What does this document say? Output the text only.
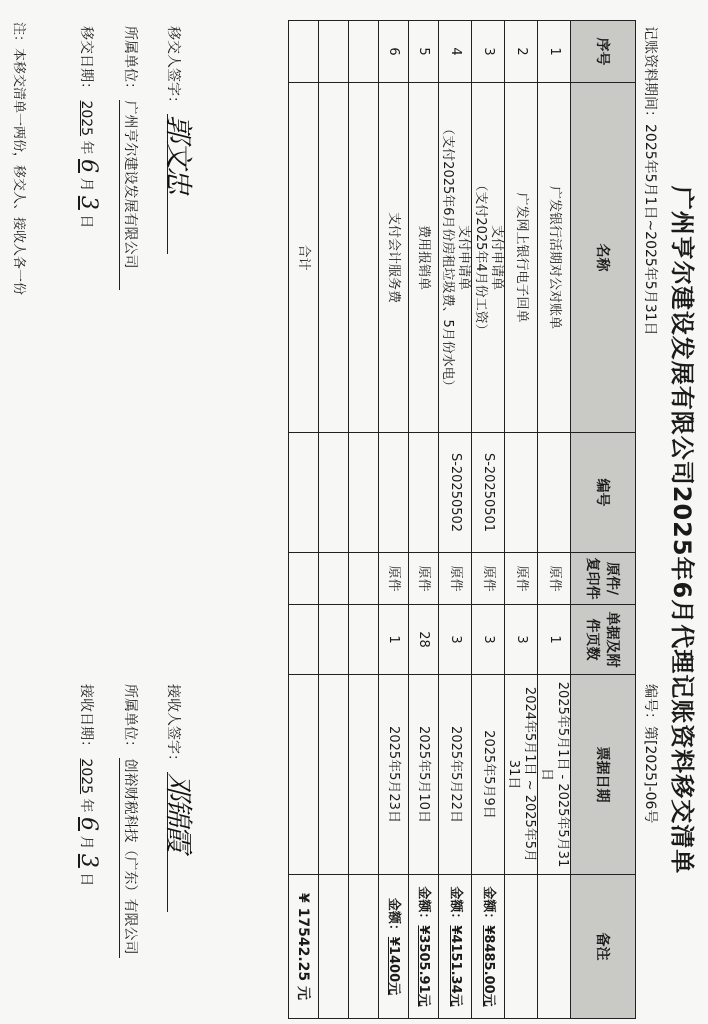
广州亨尔建设发展有限公司2025年6月代理记账资料移交清单
记账资料期间：2025年5月1日~2025年5月31日
编号：第[2025]-06号
序号	名称	编号	原件/复印件	单据及附件页数	票据日期	备注
1	广发银行活期对公对账单		原件	1	2025年5月1日 - 2025年5月31日	
2	广发网上银行电子回单		原件	3	2024年5月1日 ~ 2025年5月31日	
3	支付申请单
（支付2025年4月份工资）	S-20250501	原件	3	2025年5月9日	金额：¥8485.00元
4	支付申请单
（支付2025年6月份房租垃圾费、5月份水电）	S-20250502	原件	3	2025年5月22日	金额：¥4151.34元
5	费用报销单		原件	28	2025年5月10日	金额：¥3505.91元
6	支付会计服务费		原件	1	2025年5月23日	金额：¥1400元

	合计					¥ 17542.25 元
移交人签字： 郭文忠
所属单位： 广州亨尔建设发展有限公司
移交日期： 2025 年 6 月 3 日
接收人签字： 邓锦霞
所属单位： 创裕财税科技（广东）有限公司
接收日期： 2025 年 6 月 3 日
注：本移交清单一两份，移交人、接收人各一份
